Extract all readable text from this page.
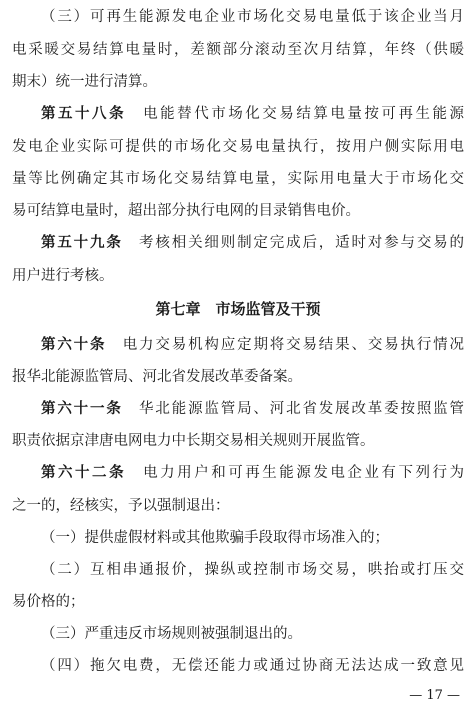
（三）可再生能源发电企业市场化交易电量低于该企业当月
电采暖交易结算电量时，差额部分滚动至次月结算，年终（供暖
期末）统一进行清算。
第五十八条　 电能替代市场化交易结算电量按可再生能源
发电企业实际可提供的市场化交易电量执行，按用户侧实际用电
量等比例确定其市场化交易结算电量，实际用电量大于市场化交
易可结算电量时，超出部分执行电网的目录销售电价。
第五十九条　 考核相关细则制定完成后，适时对参与交易的
用户进行考核。
第七章　市场监管及干预
第六十条　 电力交易机构应定期将交易结果、交易执行情况
报华北能源监管局、河北省发展改革委备案。
第六十一条　 华北能源监管局、河北省发展改革委按照监管
职责依据京津唐电网电力中长期交易相关规则开展监管。
第六十二条　 电力用户和可再生能源发电企业有下列行为
之一的，经核实，予以强制退出：
（一）提供虚假材料或其他欺骗手段取得市场准入的；
（二）互相串通报价，操纵或控制市场交易，哄抬或打压交
易价格的；
（三）严重违反市场规则被强制退出的。
（四）拖欠电费，无偿还能力或通过协商无法达成一致意见
— 17 —
